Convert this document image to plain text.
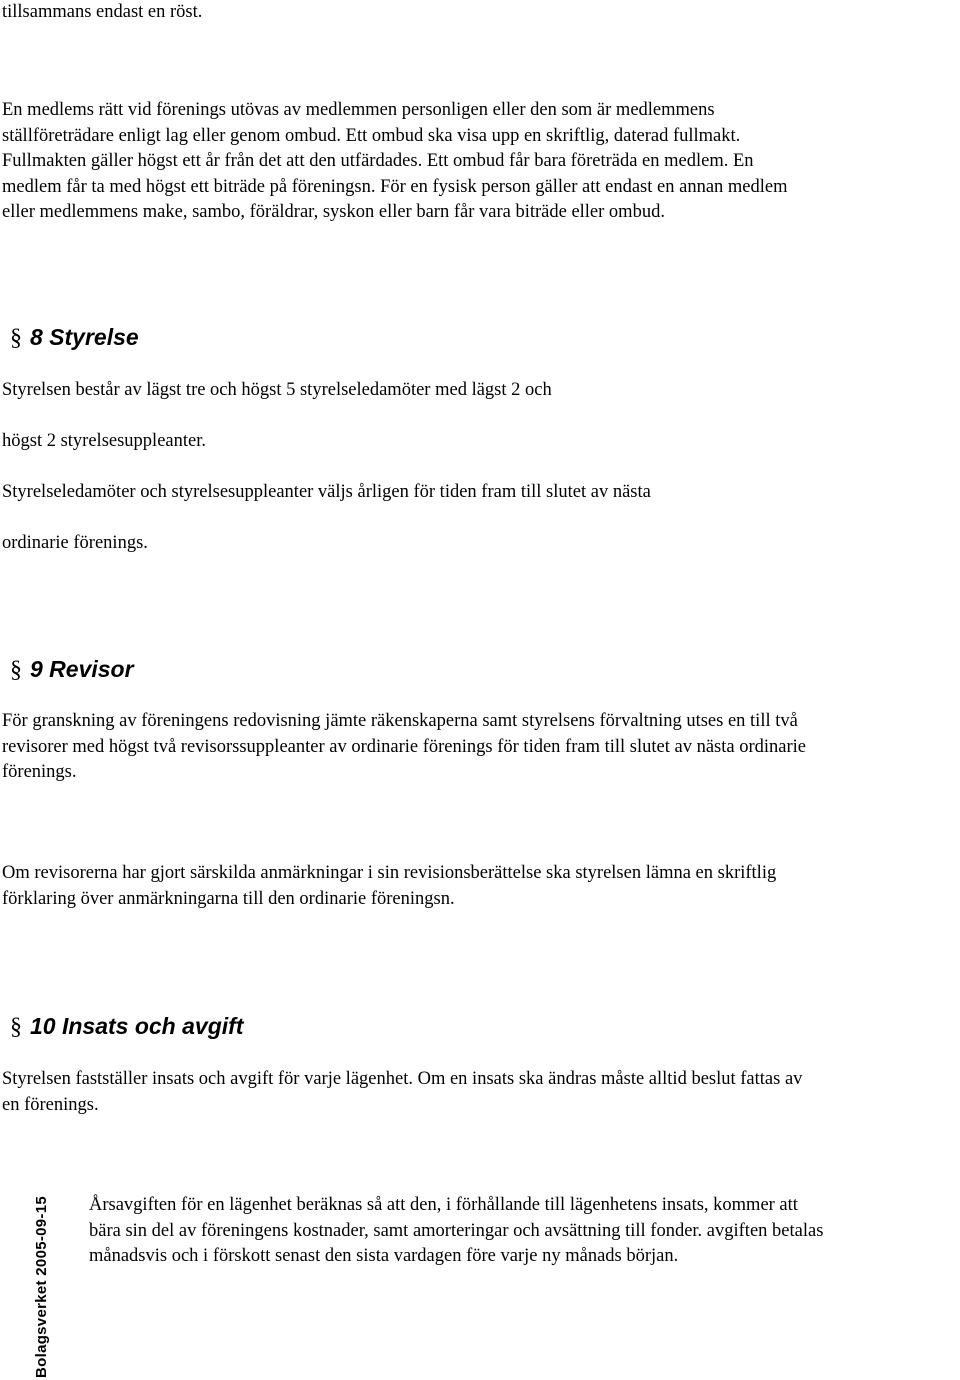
tillsammans endast en röst.

En medlems rätt vid förenings utövas av medlemmen personligen eller den som är medlemmens
ställföreträdare enligt lag eller genom ombud. Ett ombud ska visa upp en skriftlig, daterad fullmakt.
Fullmakten gäller högst ett år från det att den utfärdades. Ett ombud får bara företräda en medlem. En
medlem får ta med högst ett biträde på föreningsn. För en fysisk person gäller att endast en annan medlem
eller medlemmens make, sambo, föräldrar, syskon eller barn får vara biträde eller ombud.

§ 8 Styrelse

Styrelsen består av lägst tre och högst 5 styrelseledamöter med lägst 2 och
högst 2 styrelsesuppleanter.

Styrelseledamöter och styrelsesuppleanter väljs årligen för tiden fram till slutet av nästa
ordinarie förenings.

§ 9 Revisor

För granskning av föreningens redovisning jämte räkenskaperna samt styrelsens förvaltning utses en till två
revisorer med högst två revisorssuppleanter av ordinarie förenings för tiden fram till slutet av nästa ordinarie
förenings.

Om revisorerna har gjort särskilda anmärkningar i sin revisionsberättelse ska styrelsen lämna en skriftlig
förklaring över anmärkningarna till den ordinarie föreningsn.

§ 10 Insats och avgift

Styrelsen fastställer insats och avgift för varje lägenhet. Om en insats ska ändras måste alltid beslut fattas av
en förenings.

Årsavgiften för en lägenhet beräknas så att den, i förhållande till lägenhetens insats, kommer att
bära sin del av föreningens kostnader, samt amorteringar och avsättning till fonder. avgiften betalas
månadsvis och i förskott senast den sista vardagen före varje ny månads början.

Bolagsverket 2005-09-15
